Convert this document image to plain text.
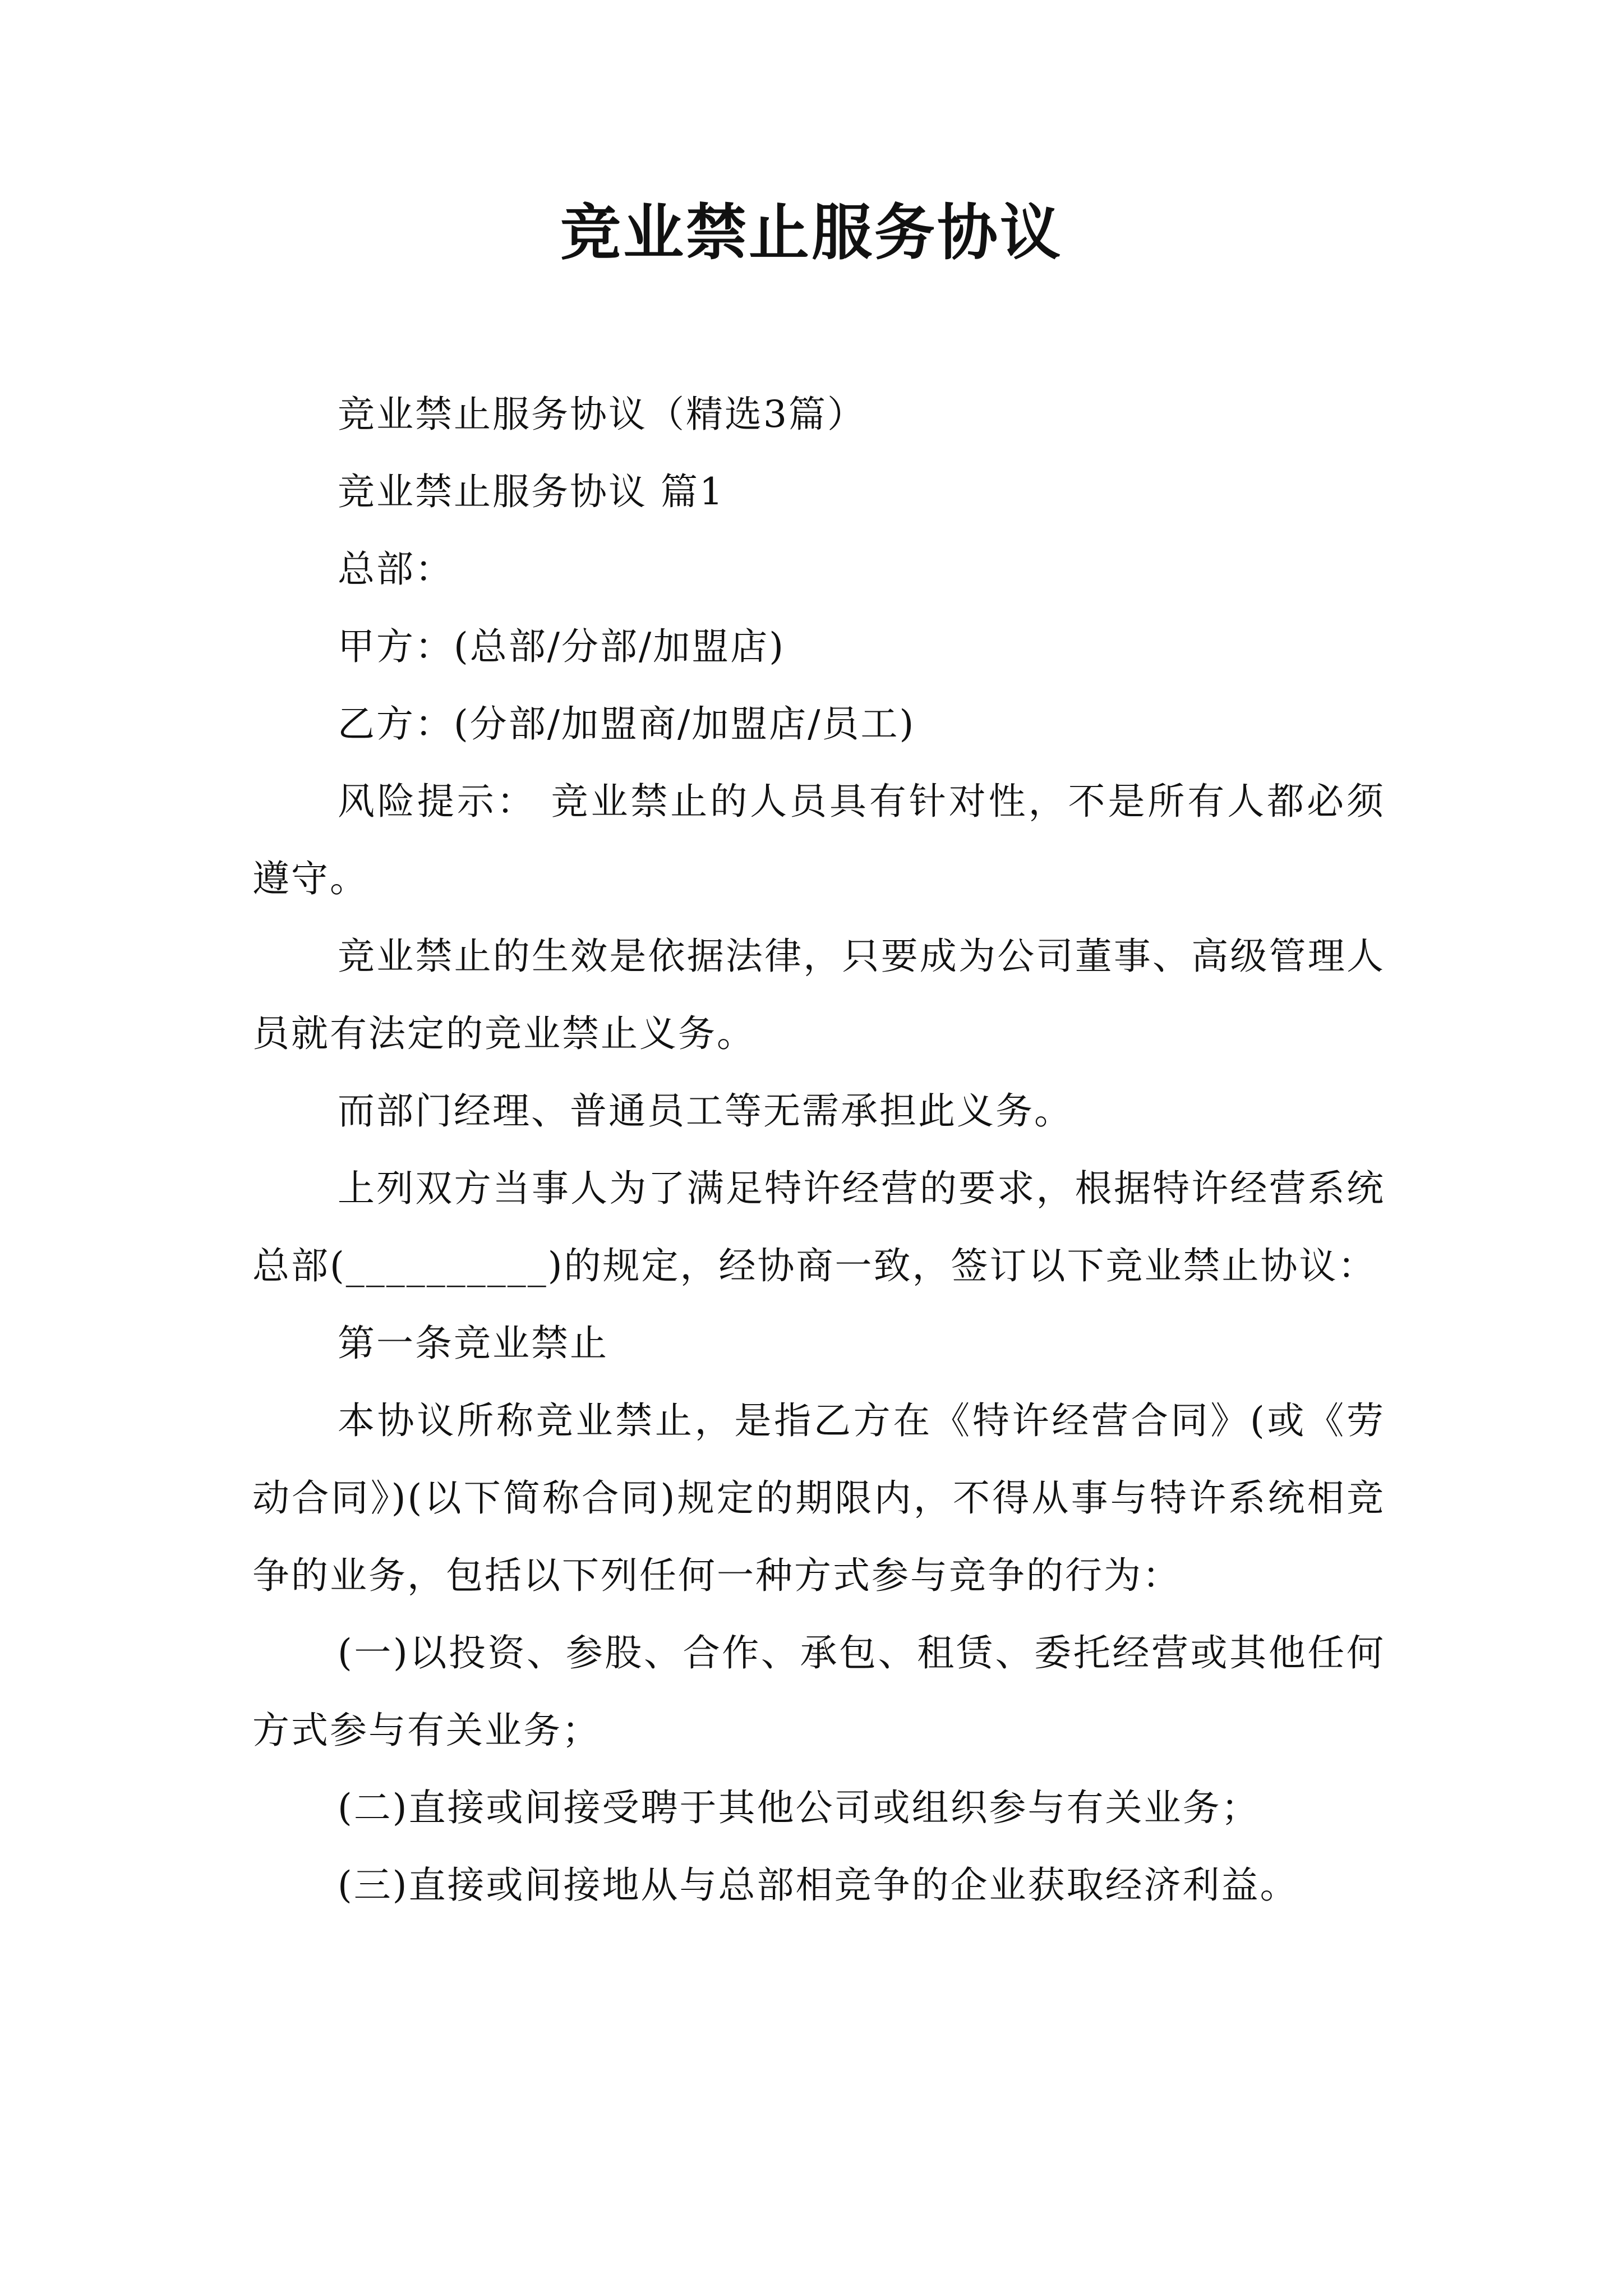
竞业禁止服务协议

竞业禁止服务协议（精选3篇）

竞业禁止服务协议 篇1

总部：

甲方：(总部/分部/加盟店)

乙方：(分部/加盟商/加盟店/员工)

风险提示： 竞业禁止的人员具有针对性，不是所有人都必须遵守。

竞业禁止的生效是依据法律，只要成为公司董事、高级管理人员就有法定的竞业禁止义务。

而部门经理、普通员工等无需承担此义务。

上列双方当事人为了满足特许经营的要求，根据特许经营系统总部(__________)的规定，经协商一致，签订以下竞业禁止协议：

第一条竞业禁止

本协议所称竞业禁止，是指乙方在《特许经营合同》(或《劳动合同》)(以下简称合同)规定的期限内，不得从事与特许系统相竞争的业务，包括以下列任何一种方式参与竞争的行为：

(一)以投资、参股、合作、承包、租赁、委托经营或其他任何方式参与有关业务；

(二)直接或间接受聘于其他公司或组织参与有关业务；

(三)直接或间接地从与总部相竞争的企业获取经济利益。
